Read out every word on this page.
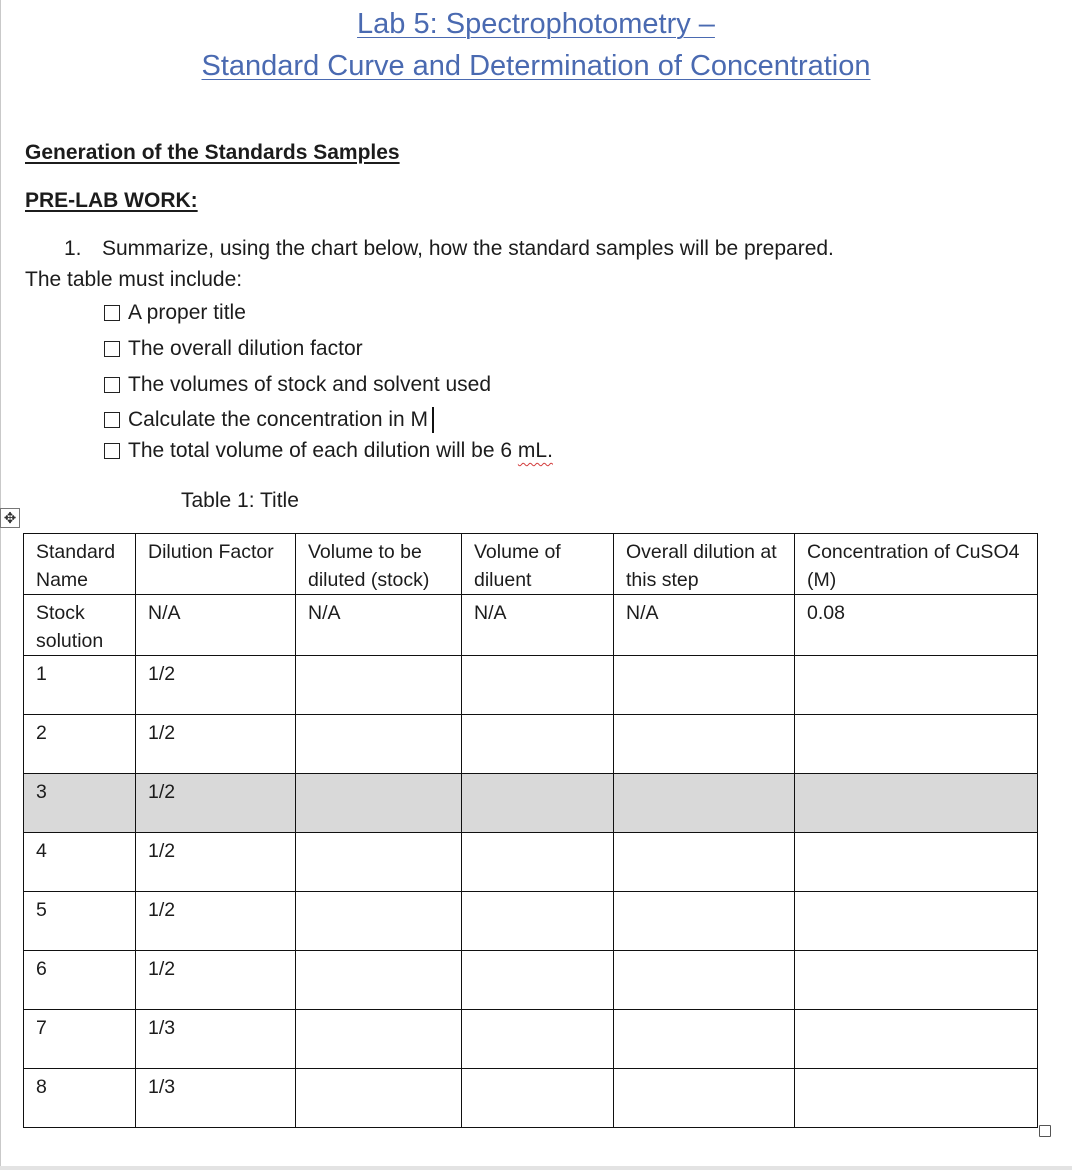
Lab 5: Spectrophotometry –
Standard Curve and Determination of Concentration
Generation of the Standards Samples
PRE-LAB WORK:
1. Summarize, using the chart below, how the standard samples will be prepared.
The table must include:
A proper title
The overall dilution factor
The volumes of stock and solvent used
Calculate the concentration in M
The total volume of each dilution will be 6 mL.
Table 1: Title
✥
Standard Name	Dilution Factor	Volume to be diluted (stock)	Volume of diluent	Overall dilution at this step	Concentration of CuSO4 (M)
Stock solution	N/A	N/A	N/A	N/A	0.08
1	1/2				
2	1/2				
3	1/2				
4	1/2				
5	1/2				
6	1/2				
7	1/3				
8	1/3				
